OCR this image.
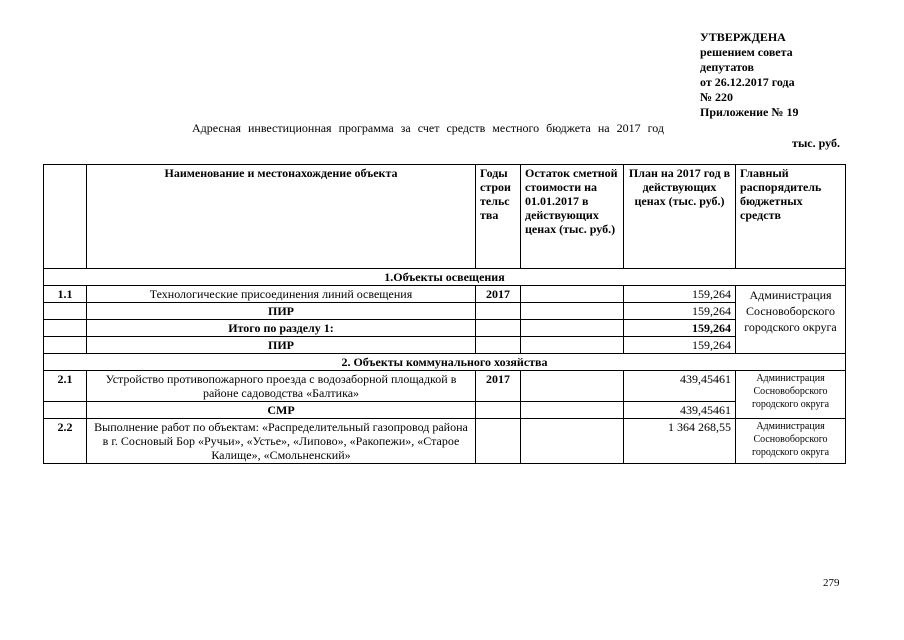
УТВЕРЖДЕНА
решением совета
депутатов
от 26.12.2017 года
№ 220
Приложение № 19
Адресная инвестиционная программа за счет средств местного бюджета на 2017 год
тыс. руб.
	Наименование и местонахождение объекта	Годы строи тельс тва	Остаток сметной стоимости на 01.01.2017 в действующих ценах (тыс. руб.)	План на 2017 год в действующих ценах (тыс. руб.)	Главный распорядитель бюджетных средств
1.Объекты освещения					
1.1	Технологические присоединения линий освещения	2017		159,264	Администрация Сосновоборского городского округа
	ПИР			159,264	
	Итого по разделу 1:			159,264	
	ПИР			159,264	
2. Объекты коммунального хозяйства					
2.1	Устройство противопожарного проезда с водозаборной площадкой в районе садоводства «Балтика»	2017		439,45461	Администрация Сосновоборского городского округа
	СМР			439,45461	
2.2	Выполнение работ по объектам: «Распределительный газопровод района в г. Сосновый Бор «Ручьи», «Устье», «Липово», «Ракопежи», «Старое Калище», «Смольненский»			1 364 268,55	Администрация Сосновоборского городского округа
279
